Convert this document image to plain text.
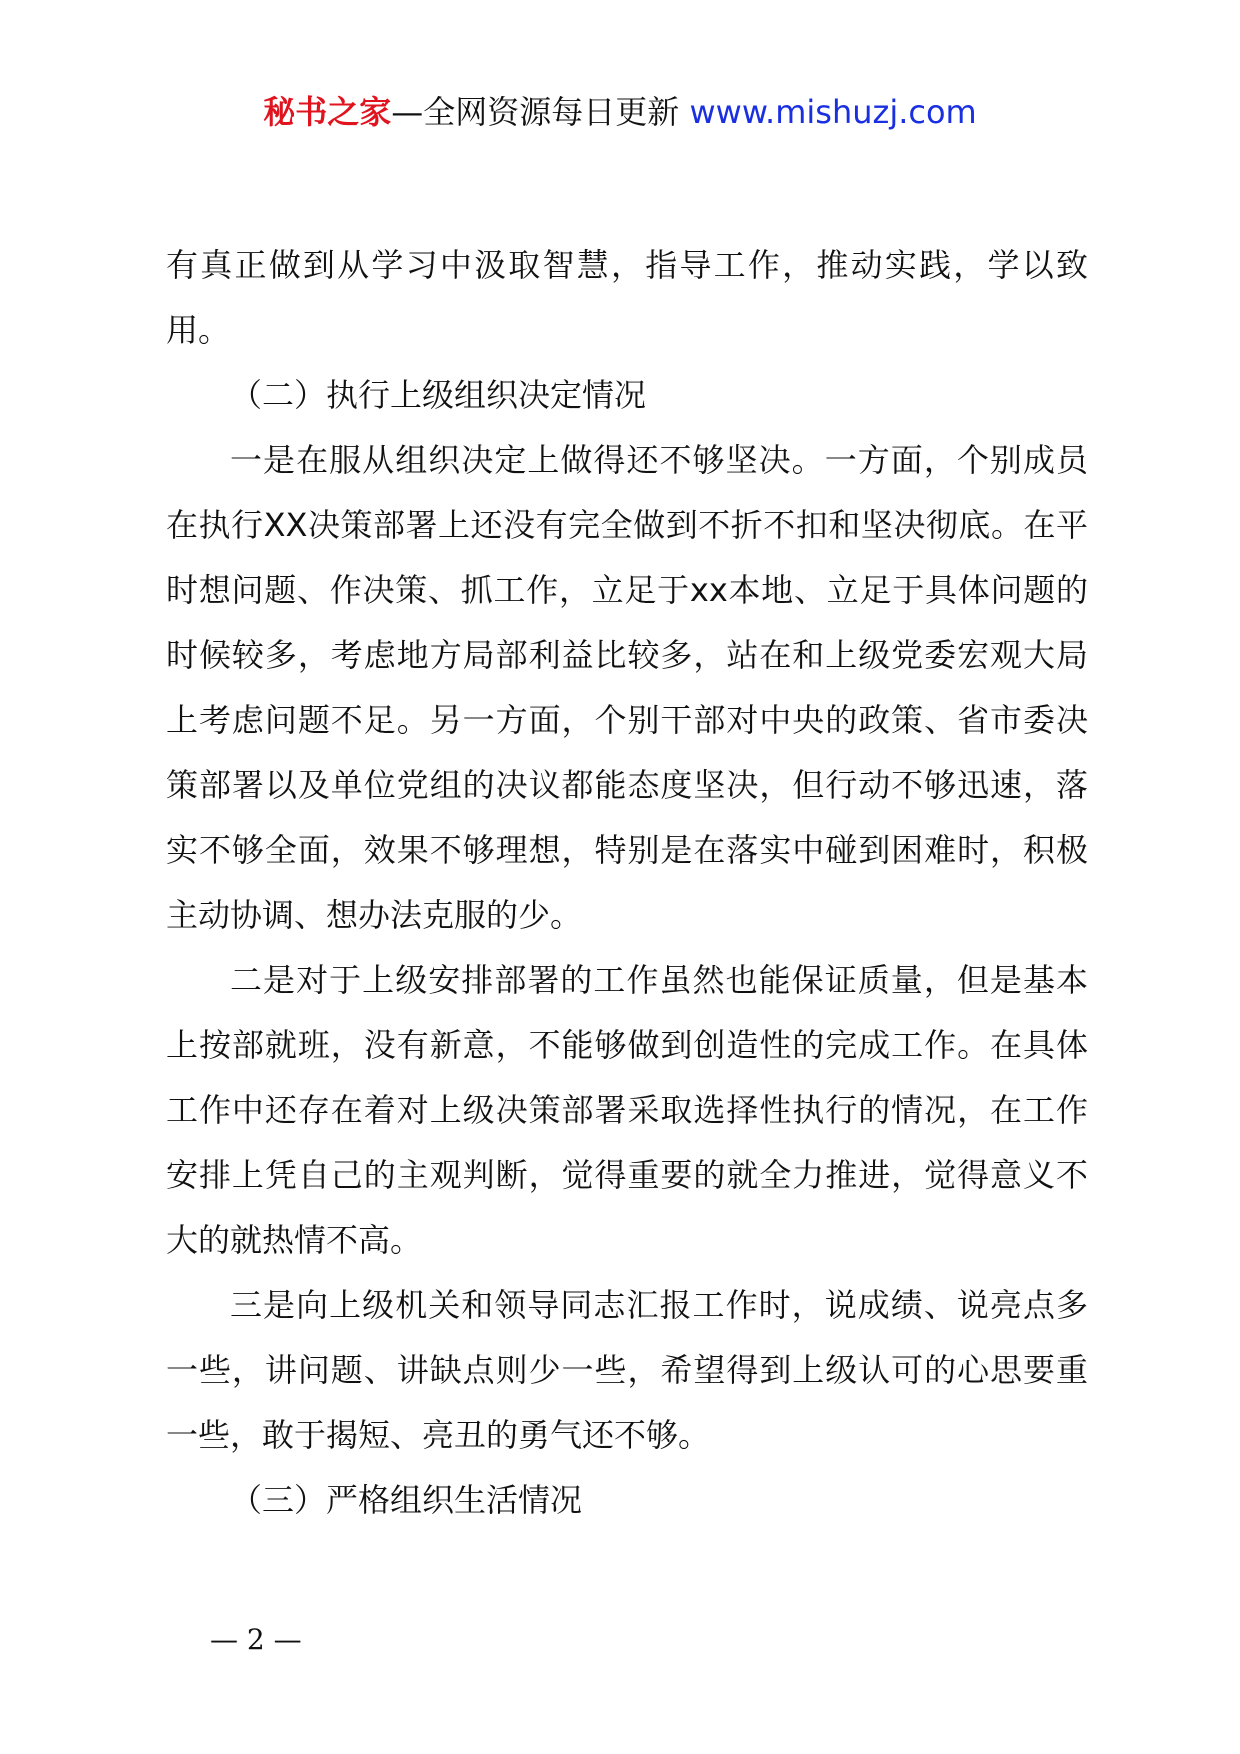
秘书之家—全网资源每日更新 www.mishuzj.com

有真正做到从学习中汲取智慧，指导工作，推动实践，学以致用。

（二）执行上级组织决定情况

一是在服从组织决定上做得还不够坚决。一方面，个别成员在执行XX决策部署上还没有完全做到不折不扣和坚决彻底。在平时想问题、作决策、抓工作，立足于xx本地、立足于具体问题的时候较多，考虑地方局部利益比较多，站在和上级党委宏观大局上考虑问题不足。另一方面，个别干部对中央的政策、省市委决策部署以及单位党组的决议都能态度坚决，但行动不够迅速，落实不够全面，效果不够理想，特别是在落实中碰到困难时，积极主动协调、想办法克服的少。

二是对于上级安排部署的工作虽然也能保证质量，但是基本上按部就班，没有新意，不能够做到创造性的完成工作。在具体工作中还存在着对上级决策部署采取选择性执行的情况，在工作安排上凭自己的主观判断，觉得重要的就全力推进，觉得意义不大的就热情不高。

三是向上级机关和领导同志汇报工作时，说成绩、说亮点多一些，讲问题、讲缺点则少一些，希望得到上级认可的心思要重一些，敢于揭短、亮丑的勇气还不够。

（三）严格组织生活情况

— 2 —
